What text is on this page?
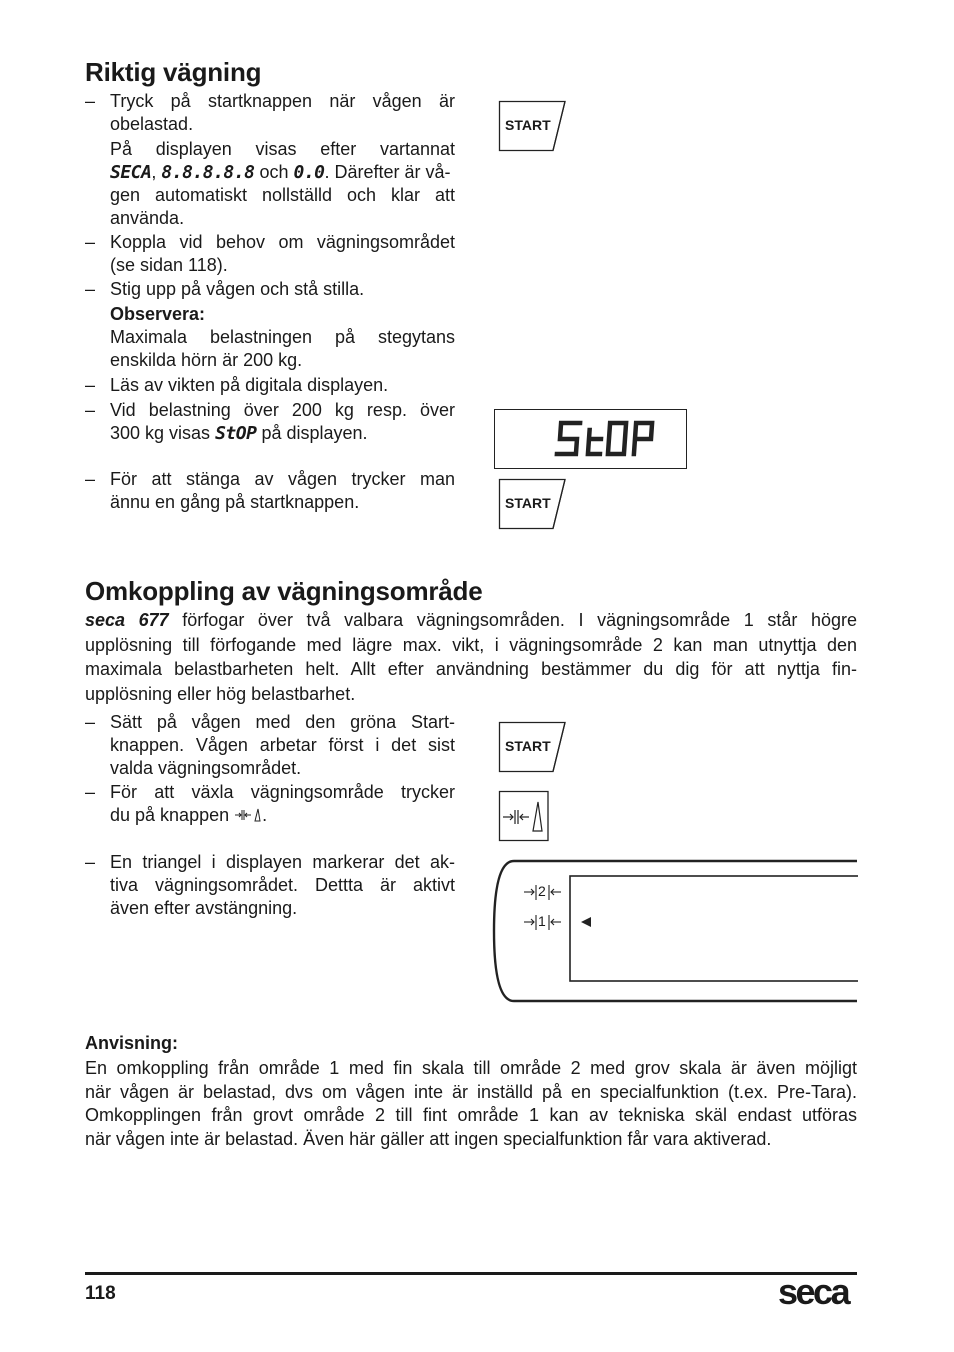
Riktig vägning
– Tryck på startknappen när vågen är
obelastad.
På displayen visas efter vartannat
SECA, 8.8.8.8.8 och 0.0. Därefter är vå-
gen automatiskt nollställd och klar att
använda.
– Koppla vid behov om vägningsområdet
(se sidan 118).
– Stig upp på vågen och stå stilla.
Observera:
Maximala belastningen på stegytans
enskilda hörn är 200 kg.
– Läs av vikten på digitala displayen.
– Vid belastning över 200 kg resp. över
300 kg visas StOP på displayen.
– För att stänga av vågen trycker man
ännu en gång på startknappen.
START
START
Omkoppling av vägningsområde
seca 677 förfogar över två valbara vägningsområden. I vägningsområde 1 står högre
upplösning till förfogande med lägre max. vikt, i vägningsområde 2 kan man utnyttja den
maximala belastbarheten helt. Allt efter användning bestämmer du dig för att nyttja fin-
upplösning eller hög belastbarhet.
– Sätt på vågen med den gröna Start-
knappen. Vågen arbetar först i det sist
valda vägningsområdet.
– För att växla vägningsområde trycker
du på knappen .
– En triangel i displayen markerar det ak-
tiva vägningsområdet. Dettta är aktivt
även efter avstängning.
START
2
1
Anvisning:
En omkoppling från område 1 med fin skala till område 2 med grov skala är även möjligt
när vågen är belastad, dvs om vågen inte är inställd på en specialfunktion (t.ex. Pre-Tara).
Omkopplingen från grovt område 2 till fint område 1 kan av tekniska skäl endast utföras
när vågen inte är belastad. Även här gäller att ingen specialfunktion får vara aktiverad.
118	seca
